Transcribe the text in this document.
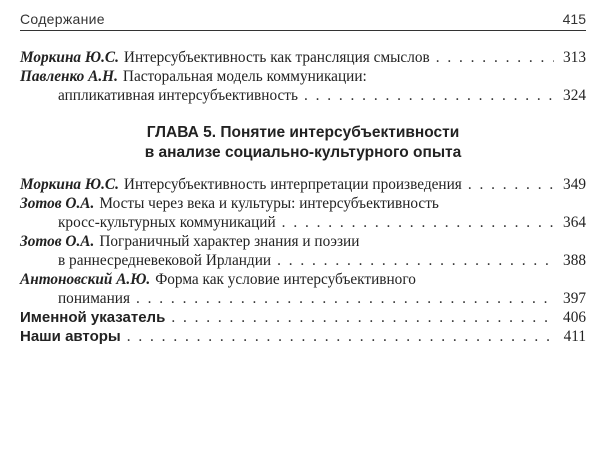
Содержание	415
Моркина Ю.С. Интерсубъективность как трансляция смыслов . . .	313
Павленко А.Н. Пасторальная модель коммуникации:
аппликативная интерсубъективность . . .	324
ГЛАВА 5. Понятие интерсубъективности
в анализе социально-культурного опыта
Моркина Ю.С. Интерсубъективность интерпретации произведения . . .	349
Зотов О.А. Мосты через века и культуры: интерсубъективность
кросс-культурных коммуникаций . . .	364
Зотов О.А. Пограничный характер знания и поэзии
в раннесредневековой Ирландии . . .	388
Антоновский А.Ю. Форма как условие интерсубъективного
понимания . . .	397
Именной указатель . . .	406
Наши авторы . . .	411
